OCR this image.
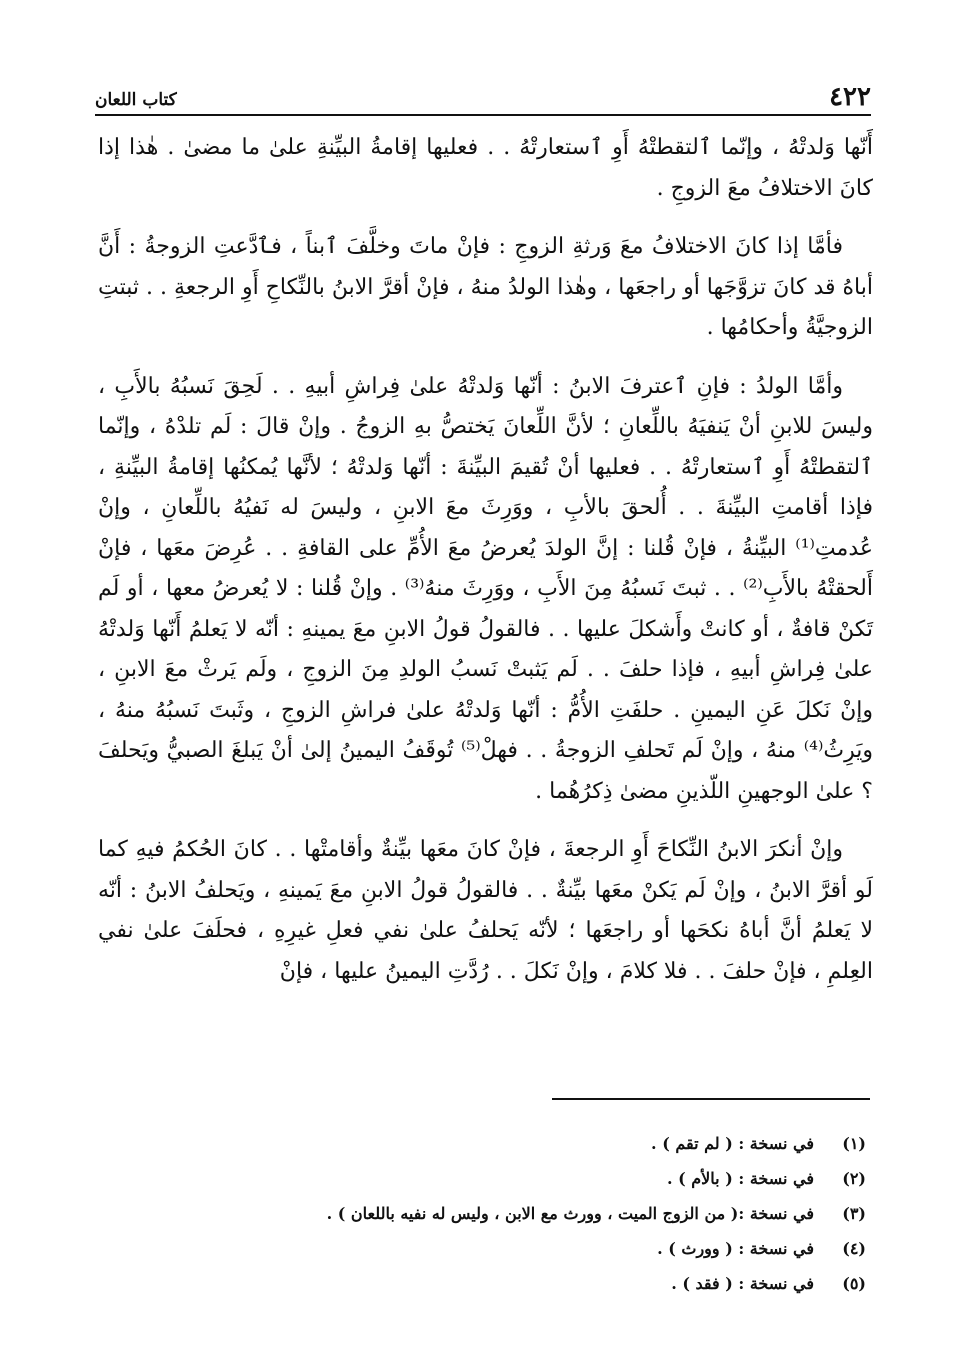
٤٢٢
كتاب اللعان

أَنّها وَلدتْهُ ، وإنّما ٱلتقطتْهُ أَوِ ٱستعارتْهُ . . فعليها إقامةُ البيِّنةِ علىٰ ما مضىٰ . هٰذا إذا كانَ الاختلافُ معَ الزوجِ .

فأمَّا إذا كانَ الاختلافُ معَ وَرثةِ الزوجِ : فإنْ ماتَ وخلَّفَ ٱبناً ، فٱدَّعتِ الزوجةُ : أَنَّ أباهُ قد كانَ تزوَّجَها أو راجعَها ، وهٰذا الولدُ منهُ ، فإنْ أقرَّ الابنُ بالنِّكاحِ أَوِ الرجعةِ . . ثبتتِ الزوجيَّةُ وأحكامُها .

وأمَّا الولدُ : فإنِ ٱعترفَ الابنُ : أنّها وَلدتْهُ علىٰ فِراشِ أبيهِ . . لَحِقَ نَسبُهُ بالأَبِ ، وليسَ للابنِ أنْ يَنفيَهُ باللِّعانِ ؛ لأنَّ اللِّعانَ يَختصُّ بهِ الزوجُ . وإنْ قالَ : لَم تلدْهُ ، وإنّما ٱلتقطتْهُ أَوِ ٱستعارتْهُ . . فعليها أنْ تُقيمَ البيِّنةَ : أنّها وَلدتْهُ ؛ لأنَّها يُمكنُها إقامةُ البيِّنةِ ، فإذا أقامتِ البيِّنةَ . . أُلحقَ بالأبِ ، ووَرِثَ معَ الابنِ ، وليسَ له نَفيُهُ باللِّعانِ ، وإنْ عُدمتِ⁽¹⁾ البيِّنةُ ، فإنْ قُلنا : إنَّ الولدَ يُعرضُ معَ الأُمِّ على القافةِ . . عُرِضَ معَها ، فإنْ أَلحقتْهُ بالأَبِ⁽²⁾ . . ثبتَ نَسبُهُ مِنَ الأَبِ ، ووَرِثَ منهُ⁽³⁾ . وإنْ قُلنا : لا يُعرضُ معها ، أو لَم تَكنْ قافةٌ ، أو كانتْ وأَشكلَ عليها . . فالقولُ قولُ الابنِ معَ يمينهِ : أنّه لا يَعلمُ أَنّها وَلدتْهُ علىٰ فِراشِ أبيهِ ، فإذا حلفَ . . لَم يَثبتْ نَسبُ الولدِ مِنَ الزوجِ ، ولَم يَرثْ معَ الابنِ ، وإنْ نَكلَ عَنِ اليمينِ . حلفَتِ الأُمُّ : أنّها وَلدتْهُ علىٰ فراشِ الزوجِ ، وثَبتَ نَسبُهُ منهُ ، ويَرِثُ⁽⁴⁾ منهُ ، وإنْ لَم تَحلفِ الزوجةُ . . فهلْ⁽⁵⁾ تُوقَفُ اليمينُ إلىٰ أنْ يَبلغَ الصبيُّ ويَحلفَ ؟ علىٰ الوجهينِ اللّذينِ مضىٰ ذِكرُهُما .

وإنْ أنكرَ الابنُ النِّكاحَ أَوِ الرجعةَ ، فإنْ كانَ معَها بيِّنةٌ وأقامتْها . . كانَ الحُكمُ فيهِ كما لَو أقرَّ الابنُ ، وإنْ لَم يَكنْ معَها بيِّنةٌ . . فالقولُ قولُ الابنِ معَ يَمينهِ ، ويَحلفُ الابنُ : أنّه لا يَعلمُ أنَّ أباهُ نكحَها أو راجعَها ؛ لأنّه يَحلفُ علىٰ نفي فعلِ غيرِهِ ، فحلَفَ علىٰ نفي العِلمِ ، فإنْ حلفَ . . فلا كلامَ ، وإنْ نَكلَ . . رُدَّتِ اليمينُ عليها ، فإنْ

(١)
في نسخة : ( لم تقم ) .
(٢)
في نسخة : ( بالأم ) .
(٣)
في نسخة :( من الزوج الميت ، وورث مع الابن ، وليس له نفيه باللعان ) .
(٤)
في نسخة : ( وورث ) .
(٥)
في نسخة : ( فقد ) .
